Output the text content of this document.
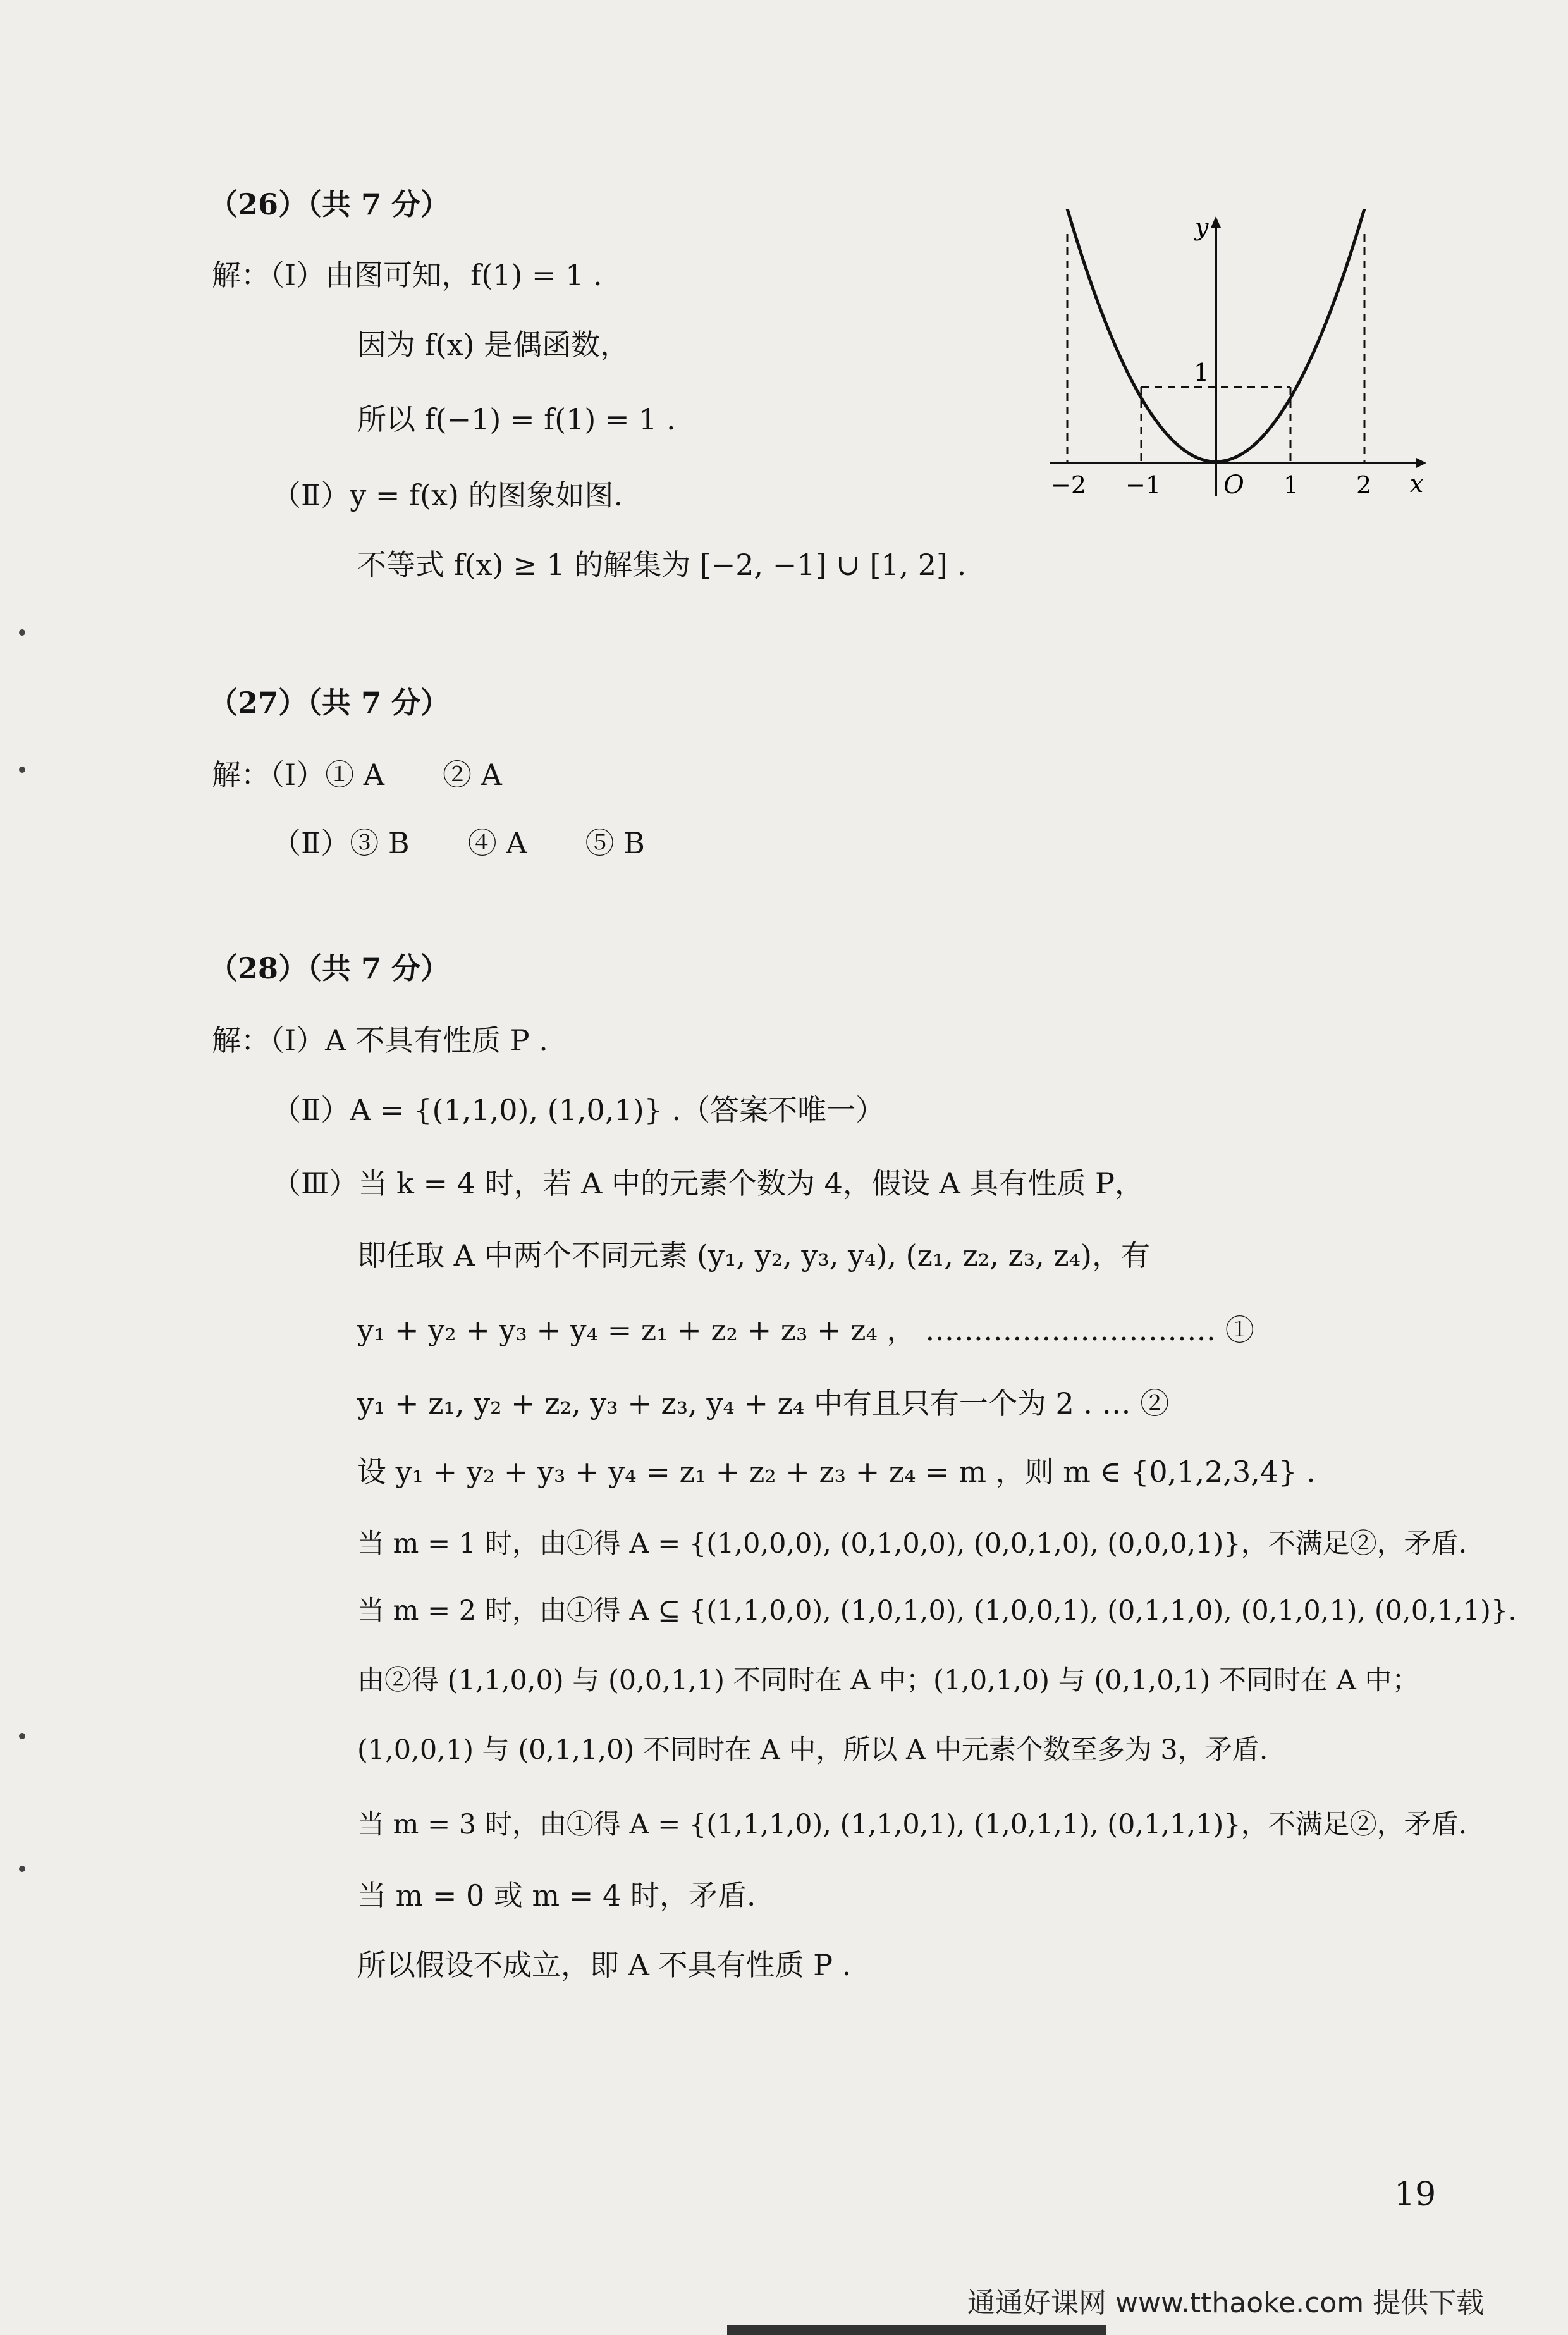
（26）（共 7 分）
解：（Ⅰ）由图可知，f(1) = 1 .
因为 f(x) 是偶函数，
所以 f(−1) = f(1) = 1 .
（Ⅱ）y = f(x) 的图象如图.
不等式 f(x) ≥ 1 的解集为 [−2, −1] ∪ [1, 2] .
y
x
O
1
−2 −1	1 2
（27）（共 7 分）
解：（Ⅰ）① A　　② A
（Ⅱ）③ B　　④ A　　⑤ B
（28）（共 7 分）
解：（Ⅰ）A 不具有性质 P .
（Ⅱ）A = {(1,1,0), (1,0,1)} .（答案不唯一）
（Ⅲ）当 k = 4 时，若 A 中的元素个数为 4，假设 A 具有性质 P，
即任取 A 中两个不同元素 (y₁, y₂, y₃, y₄), (z₁, z₂, z₃, z₄)，有
y₁ + y₂ + y₃ + y₄ = z₁ + z₂ + z₃ + z₄ ， ………………………… ①
y₁ + z₁, y₂ + z₂, y₃ + z₃, y₄ + z₄ 中有且只有一个为 2 . … ②
设 y₁ + y₂ + y₃ + y₄ = z₁ + z₂ + z₃ + z₄ = m ，则 m ∈ {0,1,2,3,4} .
当 m = 1 时，由①得 A = {(1,0,0,0), (0,1,0,0), (0,0,1,0), (0,0,0,1)}，不满足②，矛盾.
当 m = 2 时，由①得 A ⊆ {(1,1,0,0), (1,0,1,0), (1,0,0,1), (0,1,1,0), (0,1,0,1), (0,0,1,1)}.
由②得 (1,1,0,0) 与 (0,0,1,1) 不同时在 A 中；(1,0,1,0) 与 (0,1,0,1) 不同时在 A 中；
(1,0,0,1) 与 (0,1,1,0) 不同时在 A 中，所以 A 中元素个数至多为 3，矛盾.
当 m = 3 时，由①得 A = {(1,1,1,0), (1,1,0,1), (1,0,1,1), (0,1,1,1)}，不满足②，矛盾.
当 m = 0 或 m = 4 时，矛盾.
所以假设不成立，即 A 不具有性质 P .
19
通通好课网 www.tthaoke.com 提供下载
